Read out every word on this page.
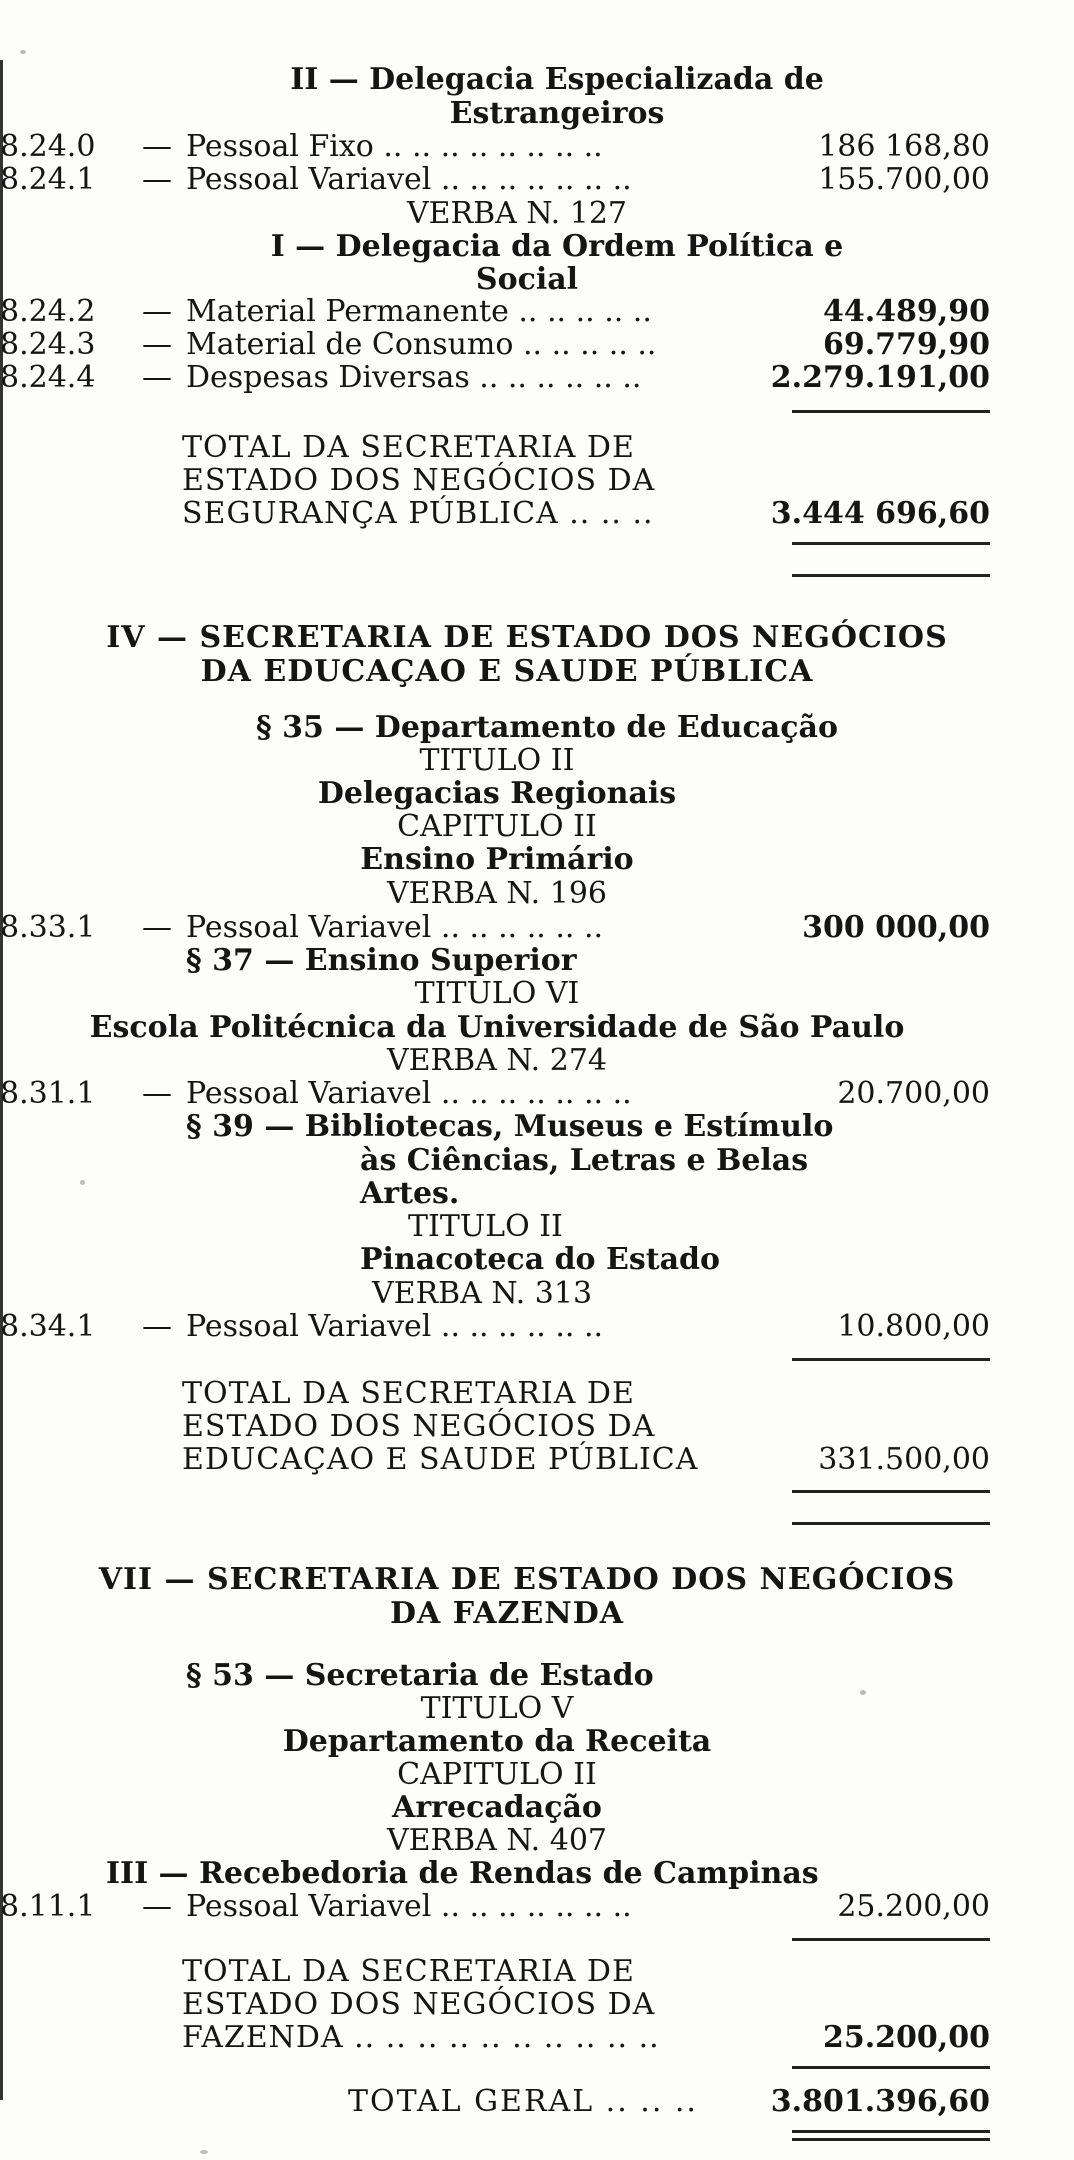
II — Delegacia Especializada de
Estrangeiros
8.24.0 — Pessoal Fixo .. .. .. .. .. .. .. ..	186 168,80
8.24.1 — Pessoal Variavel .. .. .. .. .. .. ..	155.700,00
VERBA N. 127
I — Delegacia da Ordem Política e
Social
8.24.2 — Material Permanente .. .. .. .. ..	44.489,90
8.24.3 — Material de Consumo .. .. .. .. ..	69.779,90
8.24.4 — Despesas Diversas .. .. .. .. .. ..	2.279.191,00
TOTAL DA SECRETARIA DE
ESTADO DOS NEGÓCIOS DA
SEGURANÇA PÚBLICA .. .. ..	3.444 696,60
IV — SECRETARIA DE ESTADO DOS NEGÓCIOS
DA EDUCAÇAO E SAUDE PÚBLICA
§ 35 — Departamento de Educação
TITULO II
Delegacias Regionais
CAPITULO II
Ensino Primário
VERBA N. 196
8.33.1 — Pessoal Variavel .. .. .. .. .. ..	300 000,00
§ 37 — Ensino Superior
TITULO VI
Escola Politécnica da Universidade de São Paulo
VERBA N. 274
8.31.1 — Pessoal Variavel .. .. .. .. .. .. ..	20.700,00
§ 39 — Bibliotecas, Museus e Estímulo
às Ciências, Letras e Belas
Artes.
TITULO II
Pinacoteca do Estado
VERBA N. 313
8.34.1 — Pessoal Variavel .. .. .. .. .. ..	10.800,00
TOTAL DA SECRETARIA DE
ESTADO DOS NEGÓCIOS DA
EDUCAÇAO E SAUDE PÚBLICA	331.500,00
VII — SECRETARIA DE ESTADO DOS NEGÓCIOS
DA FAZENDA
§ 53 — Secretaria de Estado
TITULO V
Departamento da Receita
CAPITULO II
Arrecadação
VERBA N. 407
III — Recebedoria de Rendas de Campinas
8.11.1 — Pessoal Variavel .. .. .. .. .. .. ..	25.200,00
TOTAL DA SECRETARIA DE
ESTADO DOS NEGÓCIOS DA
FAZENDA .. .. .. .. .. .. .. .. .. ..	25.200,00
TOTAL GERAL .. .. .. 3.801.396,60
